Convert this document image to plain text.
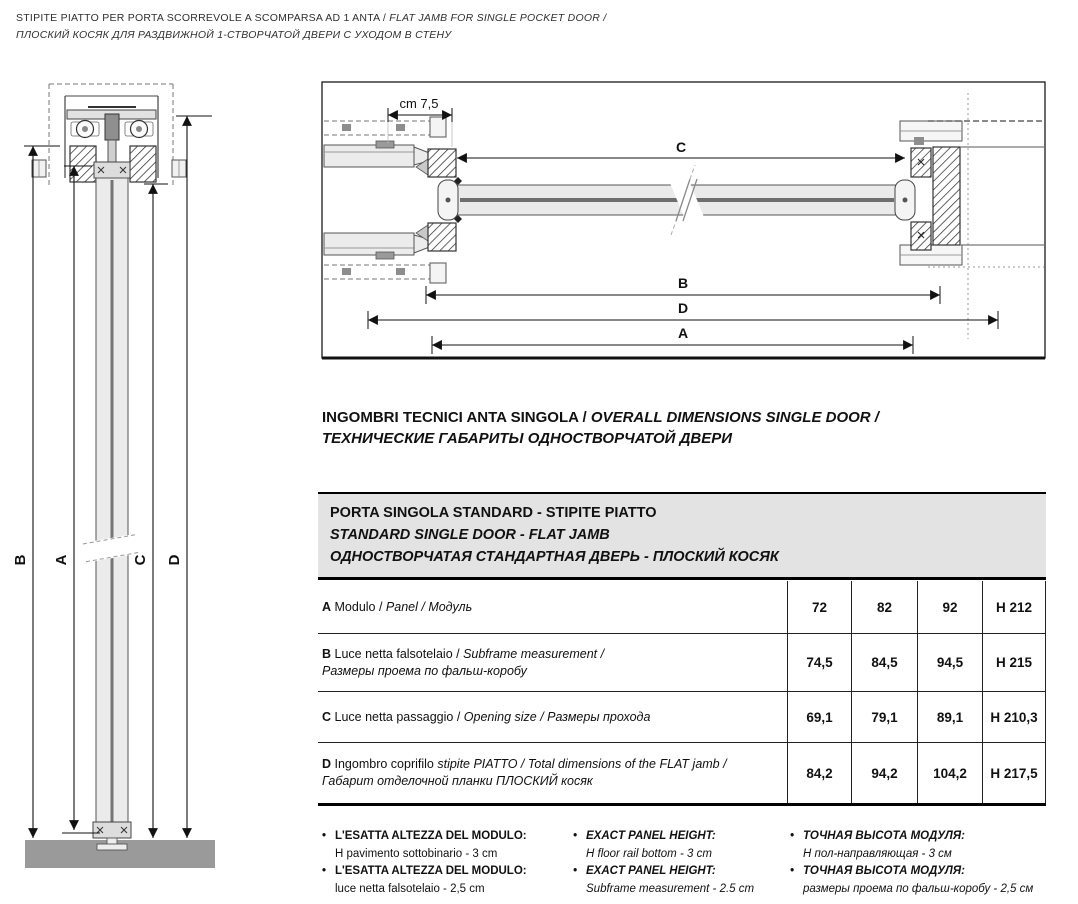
STIPITE PIATTO PER PORTA SCORREVOLE A SCOMPARSA AD 1 ANTA / FLAT JAMB FOR SINGLE POCKET DOOR /
ПЛОСКИЙ КОСЯК ДЛЯ РАЗДВИЖНОЙ 1-СТВОРЧАТОЙ ДВЕРИ С УХОДОМ В СТЕНУ
B A	C D
cm 7,5
C
B
D
A
INGOMBRI TECNICI ANTA SINGOLA / OVERALL DIMENSIONS SINGLE DOOR /
ТЕХНИЧЕСКИЕ ГАБАРИТЫ ОДНОСТВОРЧАТОЙ ДВЕРИ
PORTA SINGOLA STANDARD - STIPITE PIATTO
STANDARD SINGLE DOOR - FLAT JAMB
ОДНОСТВОРЧАТАЯ СТАНДАРТНАЯ ДВЕРЬ - ПЛОСКИЙ КОСЯК
A Modulo / Panel / Модуль	72	82	92	H 212
B Luce netta falsotelaio / Subframe measurement /
Размеры проема по фальш-коробу
74,5	84,5	94,5	H 215
C Luce netta passaggio / Opening size / Размеры прохода	69,1	79,1	89,1	H 210,3
D Ingombro coprifilo stipite PIATTO / Total dimensions of the FLAT jamb /
Габарит отделочной планки ПЛОСКИЙ косяк
84,2	94,2	104,2	H 217,5
• L'ESATTA ALTEZZA DEL MODULO:
H pavimento sottobinario - 3 cm
• L'ESATTA ALTEZZA DEL MODULO:
luce netta falsotelaio - 2,5 cm
• EXACT PANEL HEIGHT:
H floor rail bottom - 3 cm
• EXACT PANEL HEIGHT:
Subframe measurement - 2.5 cm
• ТОЧНАЯ ВЫСОТА МОДУЛЯ:
Н пол-направляющая - 3 см
• ТОЧНАЯ ВЫСОТА МОДУЛЯ:
размеры проема по фальш-коробу - 2,5 см
